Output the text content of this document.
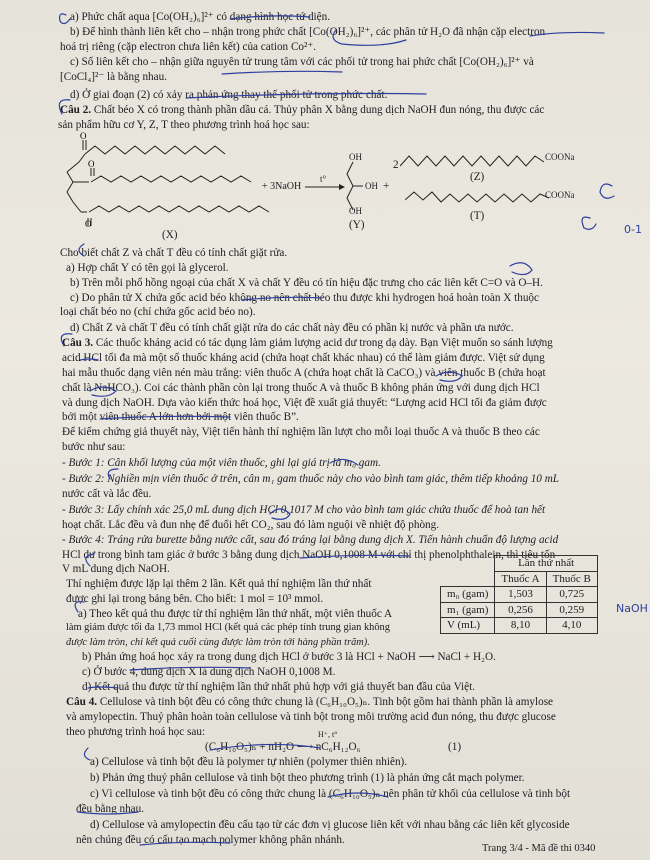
a) Phức chất aqua [Co(OH₂)₆]²⁺ có dạng hình học tứ diện.
b) Để hình thành liên kết cho – nhận trong phức chất [Co(OH₂)₆]²⁺, các phân tử H₂O đã nhận cặp electron
hoá trị riêng (cặp electron chưa liên kết) của cation Co²⁺.
c) Số liên kết cho – nhận giữa nguyên tử trung tâm với các phối tử trong hai phức chất [Co(OH₂)₆]²⁺ và
[CoCl₄]²⁻ là bằng nhau.
d) Ở giai đoạn (2) có xảy ra phản ứng thay thế phối tử trong phức chất.
Câu 2. Chất béo X có trong thành phần dầu cá. Thủy phân X bằng dung dịch NaOH đun nóng, thu được các
sản phẩm hữu cơ Y, Z, T theo phương trình hoá học sau:
O
O
O
+ 3NaOH
t°
OH
OH
OH
+
(Y)
(X)
2
COONa
(Z)
COONa
(T)
Cho biết chất Z và chất T đều có tính chất giặt rửa.
a) Hợp chất Y có tên gọi là glycerol.
b) Trên mỗi phổ hồng ngoại của chất X và chất Y đều có tín hiệu đặc trưng cho các liên kết C=O và O–H.
c) Do phân tử X chứa gốc acid béo không no nên chất béo thu được khi hydrogen hoá hoàn toàn X thuộc
loại chất béo no (chỉ chứa gốc acid béo no).
d) Chất Z và chất T đều có tính chất giặt rửa do các chất này đều có phần kị nước và phần ưa nước.
Câu 3. Các thuốc kháng acid có tác dụng làm giảm lượng acid dư trong dạ dày. Bạn Việt muốn so sánh lượng
acid HCl tối đa mà một số thuốc kháng acid (chứa hoạt chất khác nhau) có thể làm giảm được. Việt sử dụng
hai mẫu thuốc dạng viên nén màu trắng: viên thuốc A (chứa hoạt chất là CaCO₃) và viên thuốc B (chứa hoạt
chất là NaHCO₃). Coi các thành phần còn lại trong thuốc A và thuốc B không phản ứng với dung dịch HCl
và dung dịch NaOH. Dựa vào kiến thức hoá học, Việt đề xuất giả thuyết: “Lượng acid HCl tối đa giảm được
bởi một viên thuốc A lớn hơn bởi một viên thuốc B”.
Để kiểm chứng giả thuyết này, Việt tiến hành thí nghiệm lần lượt cho mỗi loại thuốc A và thuốc B theo các
bước như sau:
- Bước 1: Cân khối lượng của một viên thuốc, ghi lại giá trị là m₀ gam.
- Bước 2: Nghiền mịn viên thuốc ở trên, cân m₁ gam thuốc này cho vào bình tam giác, thêm tiếp khoảng 10 mL
nước cất và lắc đều.
- Bước 3: Lấy chính xác 25,0 mL dung dịch HCl 0,1017 M cho vào bình tam giác chứa thuốc để hoà tan hết
hoạt chất. Lắc đều và đun nhẹ để đuổi hết CO₂, sau đó làm nguội về nhiệt độ phòng.
- Bước 4: Tráng rửa burette bằng nước cất, sau đó tráng lại bằng dung dịch X. Tiến hành chuẩn độ lượng acid
HCl dư trong bình tam giác ở bước 3 bằng dung dịch NaOH 0,1008 M với chỉ thị phenolphthalein, thì tiêu tốn
V mL dung dịch NaOH.
Thí nghiệm được lặp lại thêm 2 lần. Kết quả thí nghiệm lần thứ nhất
được ghi lại trong bảng bên. Cho biết: 1 mol = 10³ mmol.
a) Theo kết quả thu được từ thí nghiệm lần thứ nhất, một viên thuốc A
làm giảm được tối đa 1,73 mmol HCl (kết quả các phép tính trung gian không
được làm tròn, chỉ kết quả cuối cùng được làm tròn tới hàng phần trăm).
b) Phản ứng hoá học xảy ra trong dung dịch HCl ở bước 3 là HCl + NaOH ⟶ NaCl + H₂O.
c) Ở bước 4, dung dịch X là dung dịch NaOH 0,1008 M.
d) Kết quả thu được từ thí nghiệm lần thứ nhất phủ hợp với giả thuyết ban đầu của Việt.
	Lần thứ nhất	
	Thuốc A	Thuốc B
m₀ (gam)	1,503	0,725
m₁ (gam)	0,256	0,259
V (mL)	8,10	4,10
Câu 4. Cellulose và tinh bột đều có công thức chung là (C₆H₁₀O₅)ₙ. Tinh bột gồm hai thành phần là amylose
và amylopectin. Thuỷ phân hoàn toàn cellulose và tinh bột trong môi trường acid đun nóng, thu được glucose
theo phương trình hoá học sau:
(C₆H₁₀O₅)ₙ + nH₂O ⟶ nC₆H₁₂O₆
H⁺, t°
(1)
a) Cellulose và tinh bột đều là polymer tự nhiên (polymer thiên nhiên).
b) Phản ứng thuỷ phân cellulose và tinh bột theo phương trình (1) là phản ứng cắt mạch polymer.
c) Vì cellulose và tinh bột đều có công thức chung là (C₆H₁₀O₅)ₙ nên phân tử khối của cellulose và tinh bột
đều bằng nhau.
d) Cellulose và amylopectin đều cấu tạo từ các đơn vị glucose liên kết với nhau bằng các liên kết glycoside
nên chúng đều có cấu tạo mạch polymer không phân nhánh.
Trang 3/4 - Mã đề thi 0340
NaOH
0-1
